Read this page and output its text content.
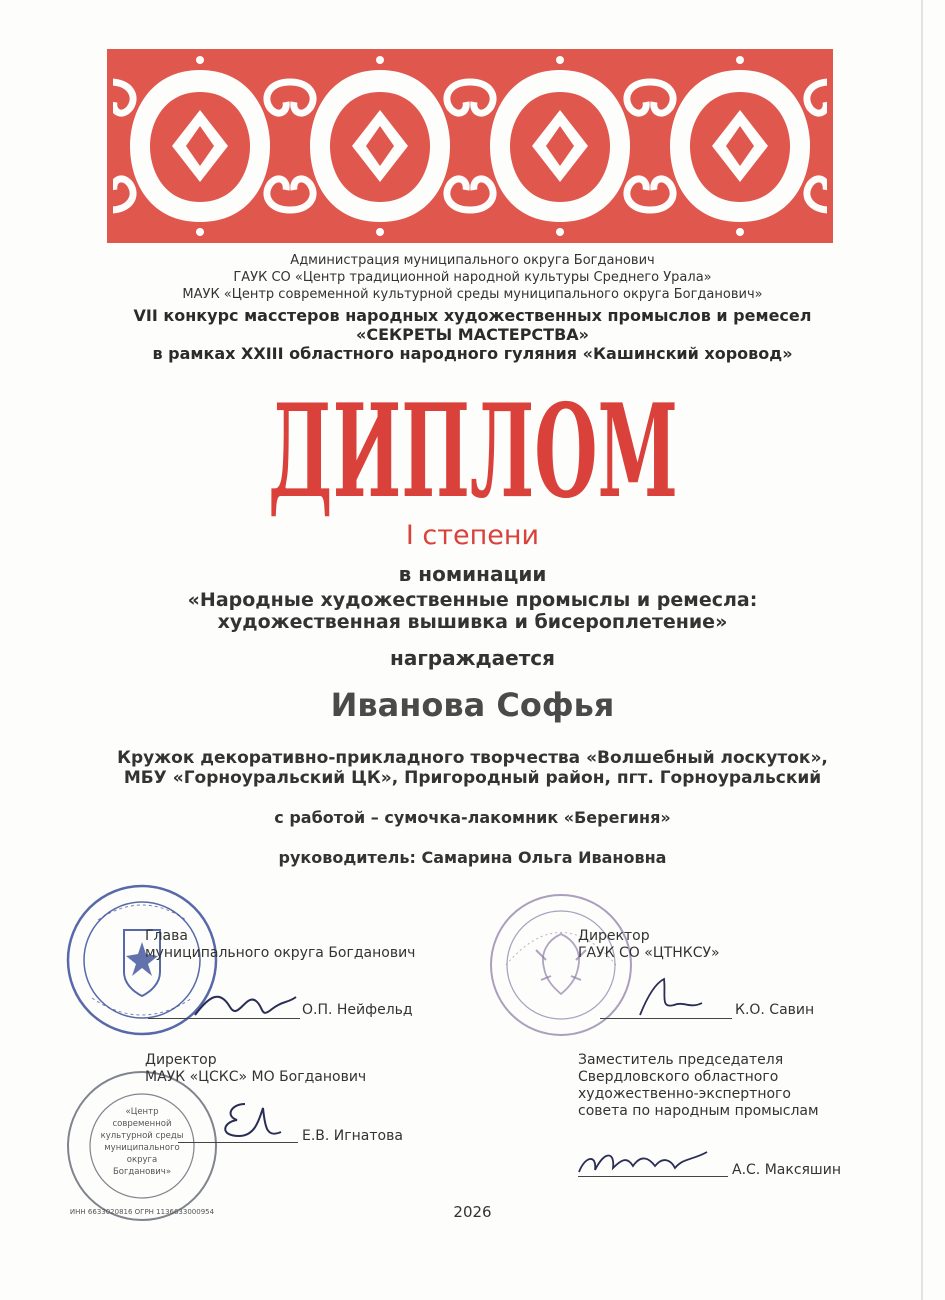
Администрация муниципального округа Богданович
ГАУК СО «Центр традиционной народной культуры Среднего Урала»
МАУК «Центр современной культурной среды муниципального округа Богданович»
VII конкурс масстеров народных художественных промыслов и ремесел
«СЕКРЕТЫ МАСТЕРСТВА»
в рамках XXIII областного народного гуляния «Кашинский хоровод»
ДИПЛОМ
I степени
в номинации
«Народные художественные промыслы и ремесла:
художественная вышивка и бисероплетение»
награждается
Иванова Софья
Кружок декоративно-прикладного творчества «Волшебный лоскуток»,
МБУ «Горноуральский ЦК», Пригородный район, пгт. Горноуральский
с работой – сумочка-лакомник «Берегиня»
руководитель: Самарина Ольга Ивановна
«Центр
современной
культурной среды
муниципального
округа
Богданович»
ИНН 6633020816 ОГРН 1136633000954
Глава
муниципального округа Богданович
О.П. Нейфельд
Директор
ГАУК СО «ЦТНКСУ»
К.О. Савин
Директор
МАУК «ЦСКС» МО Богданович
Е.В. Игнатова
Заместитель председателя
Свердловского областного
художественно-экспертного
совета по народным промыслам
А.С. Максяшин
2026
